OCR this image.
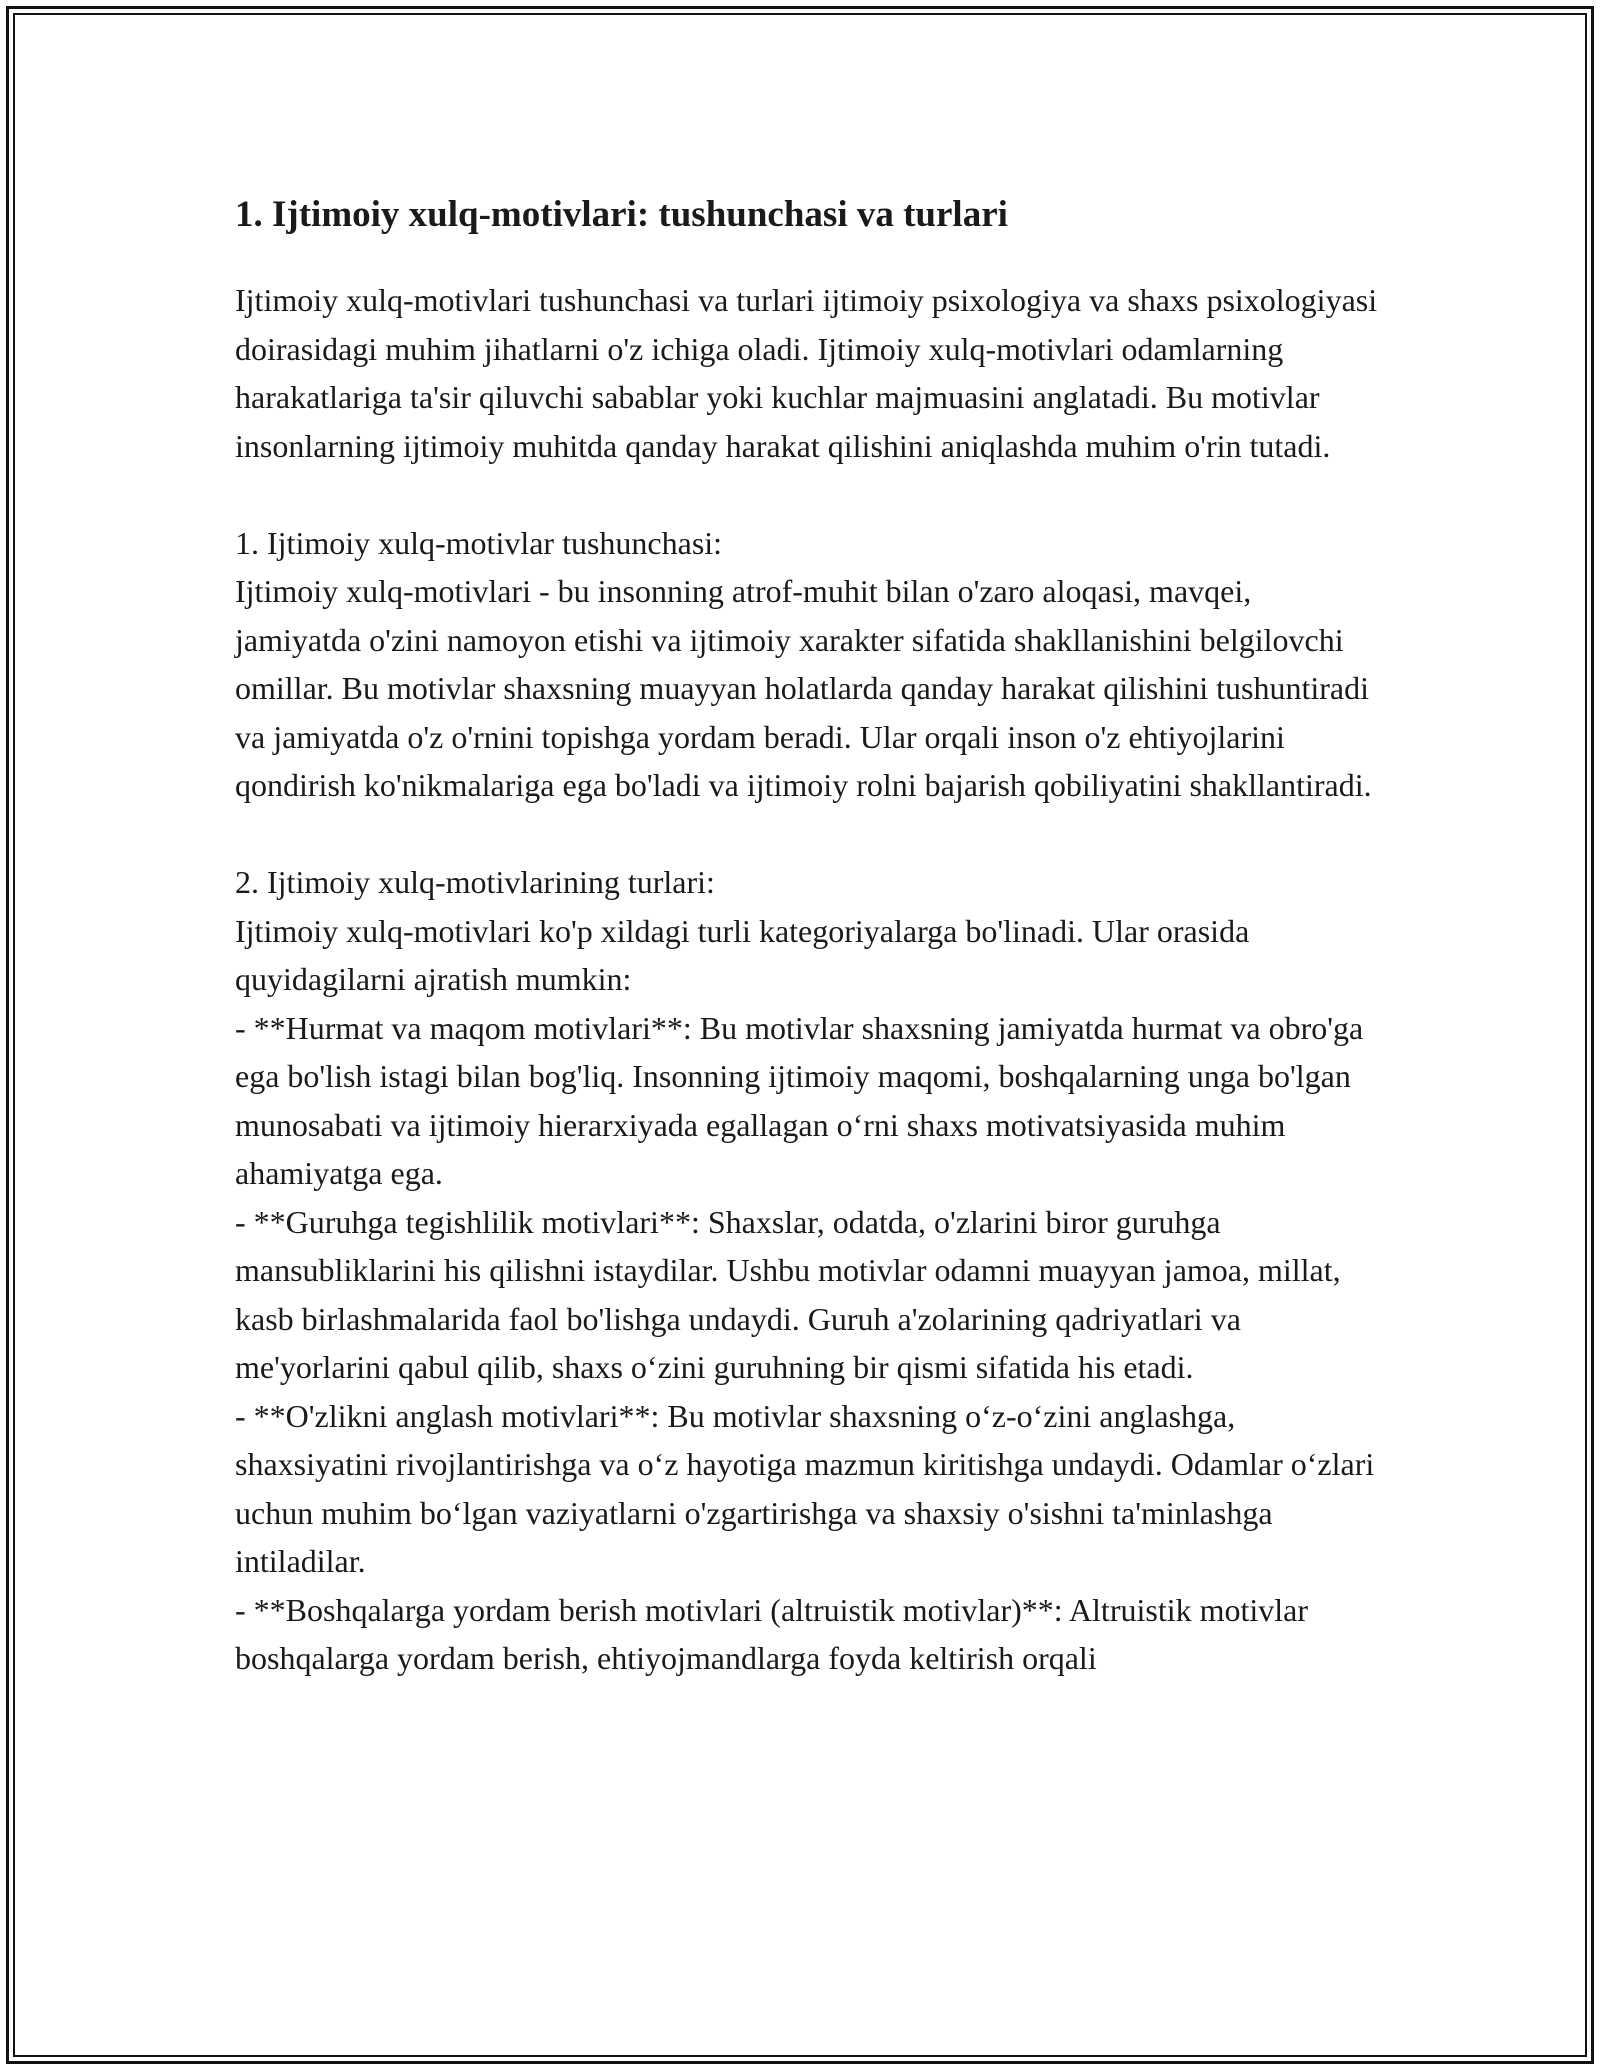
1. Ijtimoiy xulq-motivlari: tushunchasi va turlari

Ijtimoiy xulq-motivlari tushunchasi va turlari ijtimoiy psixologiya va shaxs psixologiyasi doirasidagi muhim jihatlarni o'z ichiga oladi. Ijtimoiy xulq-motivlari odamlarning harakatlariga ta'sir qiluvchi sabablar yoki kuchlar majmuasini anglatadi. Bu motivlar insonlarning ijtimoiy muhitda qanday harakat qilishini aniqlashda muhim o'rin tutadi.

1. Ijtimoiy xulq-motivlar tushunchasi:

Ijtimoiy xulq-motivlari - bu insonning atrof-muhit bilan o'zaro aloqasi, mavqei, jamiyatda o'zini namoyon etishi va ijtimoiy xarakter sifatida shakllanishini belgilovchi omillar. Bu motivlar shaxsning muayyan holatlarda qanday harakat qilishini tushuntiradi va jamiyatda o'z o'rnini topishga yordam beradi. Ular orqali inson o'z ehtiyojlarini qondirish ko'nikmalariga ega bo'ladi va ijtimoiy rolni bajarish qobiliyatini shakllantiradi.

2. Ijtimoiy xulq-motivlarining turlari:

Ijtimoiy xulq-motivlari ko'p xildagi turli kategoriyalarga bo'linadi. Ular orasida quyidagilarni ajratish mumkin:

- **Hurmat va maqom motivlari**: Bu motivlar shaxsning jamiyatda hurmat va obro'ga ega bo'lish istagi bilan bog'liq. Insonning ijtimoiy maqomi, boshqalarning unga bo'lgan munosabati va ijtimoiy hierarxiyada egallagan o‘rni shaxs motivatsiyasida muhim ahamiyatga ega.

- **Guruhga tegishlilik motivlari**: Shaxslar, odatda, o'zlarini biror guruhga mansubliklarini his qilishni istaydilar. Ushbu motivlar odamni muayyan jamoa, millat, kasb birlashmalarida faol bo'lishga undaydi. Guruh a'zolarining qadriyatlari va me'yorlarini qabul qilib, shaxs o‘zini guruhning bir qismi sifatida his etadi.

- **O'zlikni anglash motivlari**: Bu motivlar shaxsning o‘z-o‘zini anglashga, shaxsiyatini rivojlantirishga va o‘z hayotiga mazmun kiritishga undaydi. Odamlar o‘zlari uchun muhim bo‘lgan vaziyatlarni o'zgartirishga va shaxsiy o'sishni ta'minlashga intiladilar.

- **Boshqalarga yordam berish motivlari (altruistik motivlar)**: Altruistik motivlar boshqalarga yordam berish, ehtiyojmandlarga foyda keltirish orqali
